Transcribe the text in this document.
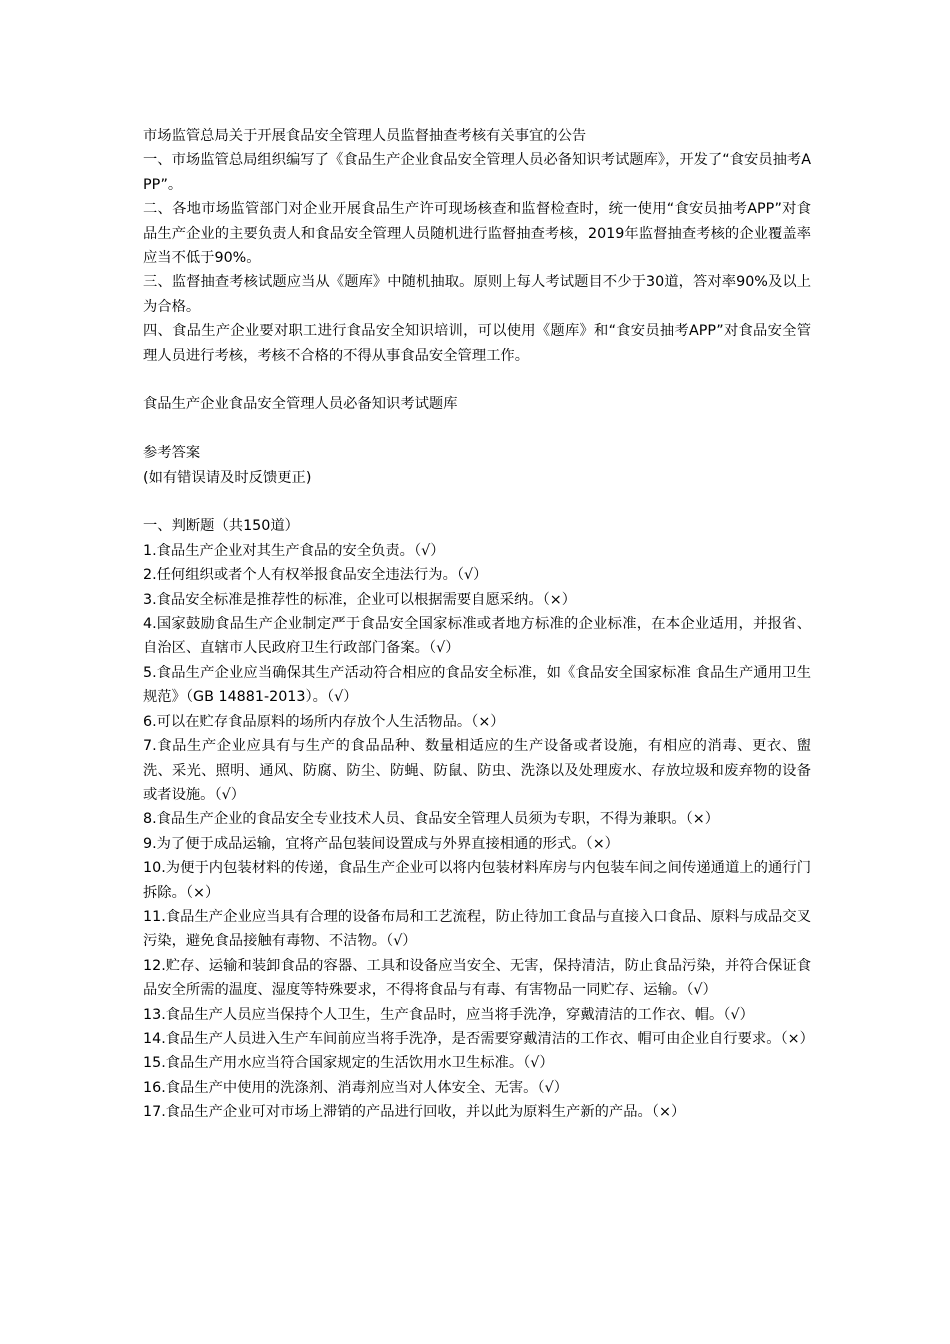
市场监管总局关于开展食品安全管理人员监督抽查考核有关事宜的公告

一、市场监管总局组织编写了《食品生产企业食品安全管理人员必备知识考试题库》，开发了“食安员抽考APP”。

二、各地市场监管部门对企业开展食品生产许可现场核查和监督检查时，统一使用“食安员抽考APP”对食品生产企业的主要负责人和食品安全管理人员随机进行监督抽查考核，2019年监督抽查考核的企业覆盖率应当不低于90%。

三、监督抽查考核试题应当从《题库》中随机抽取。原则上每人考试题目不少于30道，答对率90%及以上为合格。

四、食品生产企业要对职工进行食品安全知识培训，可以使用《题库》和“食安员抽考APP”对食品安全管理人员进行考核，考核不合格的不得从事食品安全管理工作。

食品生产企业食品安全管理人员必备知识考试题库

参考答案

(如有错误请及时反馈更正)

一、判断题（共150道）

1.食品生产企业对其生产食品的安全负责。（√）

2.任何组织或者个人有权举报食品安全违法行为。（√）

3.食品安全标准是推荐性的标准，企业可以根据需要自愿采纳。（×）

4.国家鼓励食品生产企业制定严于食品安全国家标准或者地方标准的企业标准，在本企业适用，并报省、自治区、直辖市人民政府卫生行政部门备案。（√）

5.食品生产企业应当确保其生产活动符合相应的食品安全标准，如《食品安全国家标准 食品生产通用卫生规范》（GB 14881-2013）。（√）

6.可以在贮存食品原料的场所内存放个人生活物品。（×）

7.食品生产企业应具有与生产的食品品种、数量相适应的生产设备或者设施，有相应的消毒、更衣、盥洗、采光、照明、通风、防腐、防尘、防蝇、防鼠、防虫、洗涤以及处理废水、存放垃圾和废弃物的设备或者设施。（√）

8.食品生产企业的食品安全专业技术人员、食品安全管理人员须为专职，不得为兼职。（×）

9.为了便于成品运输，宜将产品包装间设置成与外界直接相通的形式。（×）

10.为便于内包装材料的传递，食品生产企业可以将内包装材料库房与内包装车间之间传递通道上的通行门拆除。（×）

11.食品生产企业应当具有合理的设备布局和工艺流程，防止待加工食品与直接入口食品、原料与成品交叉污染，避免食品接触有毒物、不洁物。（√）

12.贮存、运输和装卸食品的容器、工具和设备应当安全、无害，保持清洁，防止食品污染，并符合保证食品安全所需的温度、湿度等特殊要求，不得将食品与有毒、有害物品一同贮存、运输。（√）

13.食品生产人员应当保持个人卫生，生产食品时，应当将手洗净，穿戴清洁的工作衣、帽。（√）

14.食品生产人员进入生产车间前应当将手洗净，是否需要穿戴清洁的工作衣、帽可由企业自行要求。（×）

15.食品生产用水应当符合国家规定的生活饮用水卫生标准。（√）

16.食品生产中使用的洗涤剂、消毒剂应当对人体安全、无害。（√）

17.食品生产企业可对市场上滞销的产品进行回收，并以此为原料生产新的产品。（×）
